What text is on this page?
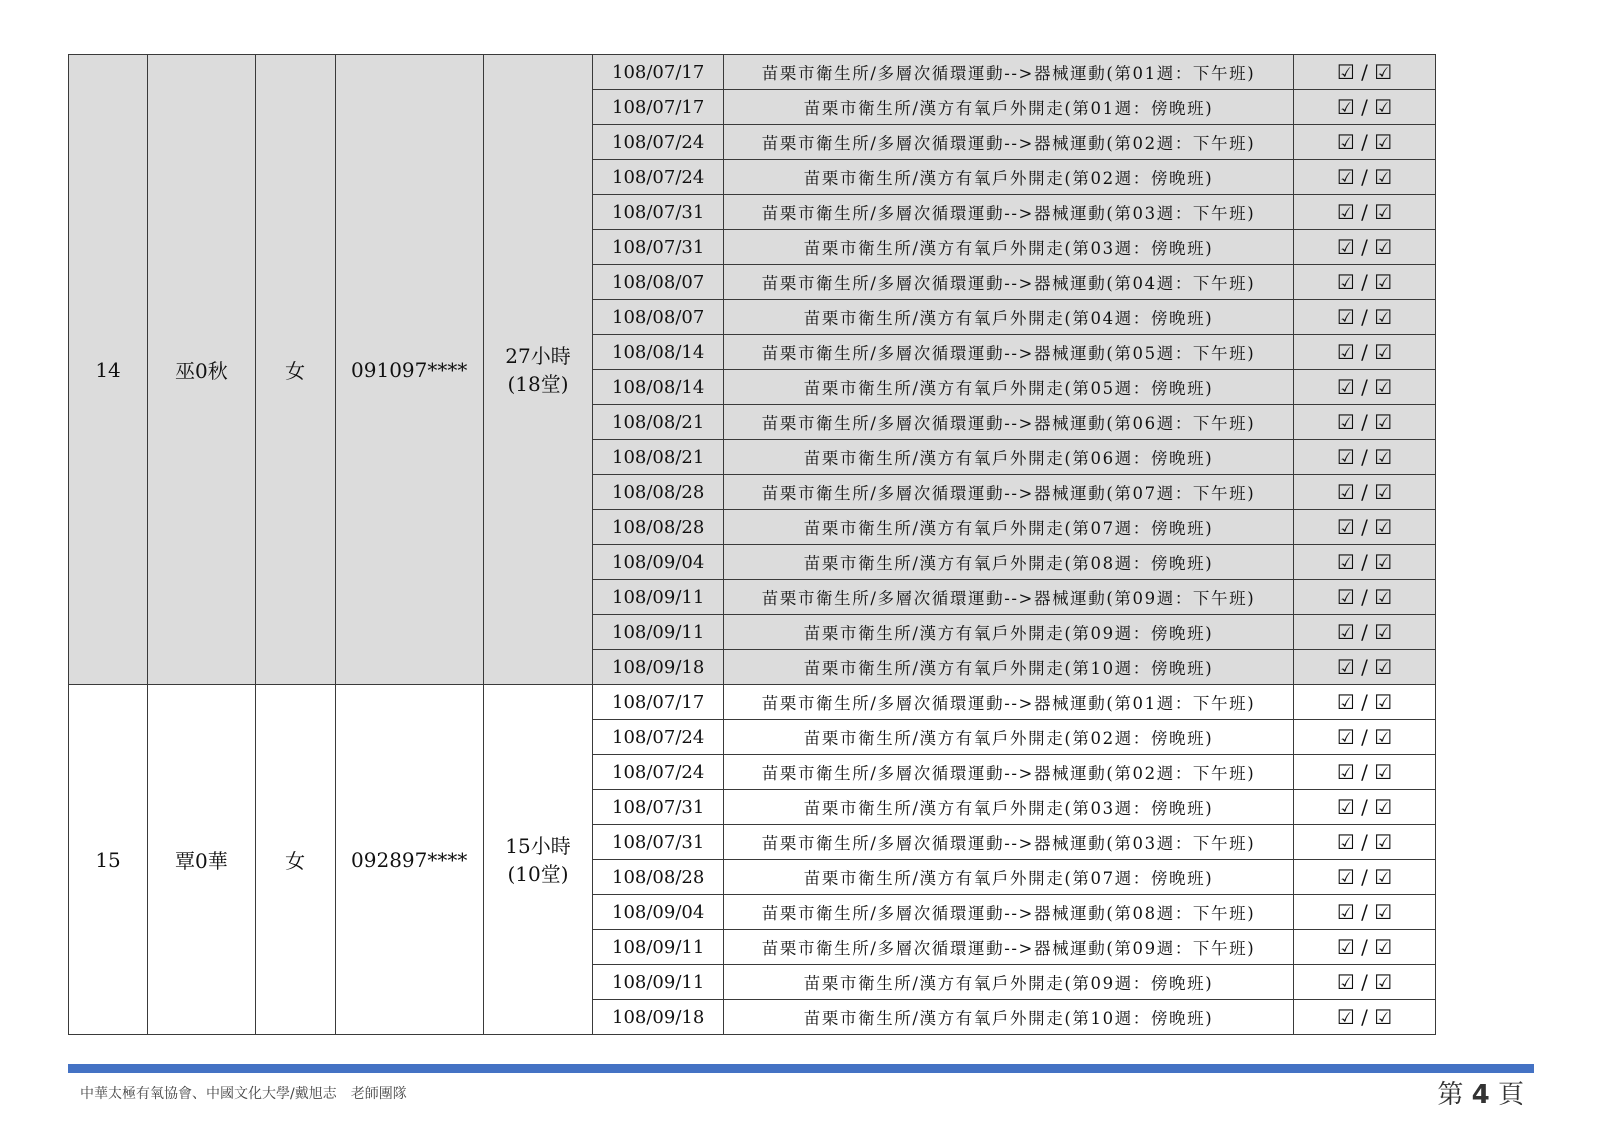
14	巫0秋	女	091097****	27小時
(18堂)	108/07/17	苗栗市衛生所/多層次循環運動-->器械運動(第01週：下午班)	☑ / ☑
					108/07/17	苗栗市衛生所/漢方有氧戶外開走(第01週：傍晚班)	☑ / ☑
					108/07/24	苗栗市衛生所/多層次循環運動-->器械運動(第02週：下午班)	☑ / ☑
					108/07/24	苗栗市衛生所/漢方有氧戶外開走(第02週：傍晚班)	☑ / ☑
					108/07/31	苗栗市衛生所/多層次循環運動-->器械運動(第03週：下午班)	☑ / ☑
					108/07/31	苗栗市衛生所/漢方有氧戶外開走(第03週：傍晚班)	☑ / ☑
					108/08/07	苗栗市衛生所/多層次循環運動-->器械運動(第04週：下午班)	☑ / ☑
					108/08/07	苗栗市衛生所/漢方有氧戶外開走(第04週：傍晚班)	☑ / ☑
					108/08/14	苗栗市衛生所/多層次循環運動-->器械運動(第05週：下午班)	☑ / ☑
					108/08/14	苗栗市衛生所/漢方有氧戶外開走(第05週：傍晚班)	☑ / ☑
					108/08/21	苗栗市衛生所/多層次循環運動-->器械運動(第06週：下午班)	☑ / ☑
					108/08/21	苗栗市衛生所/漢方有氧戶外開走(第06週：傍晚班)	☑ / ☑
					108/08/28	苗栗市衛生所/多層次循環運動-->器械運動(第07週：下午班)	☑ / ☑
					108/08/28	苗栗市衛生所/漢方有氧戶外開走(第07週：傍晚班)	☑ / ☑
					108/09/04	苗栗市衛生所/漢方有氧戶外開走(第08週：傍晚班)	☑ / ☑
					108/09/11	苗栗市衛生所/多層次循環運動-->器械運動(第09週：下午班)	☑ / ☑
					108/09/11	苗栗市衛生所/漢方有氧戶外開走(第09週：傍晚班)	☑ / ☑
					108/09/18	苗栗市衛生所/漢方有氧戶外開走(第10週：傍晚班)	☑ / ☑
15	覃0華	女	092897****	15小時
(10堂)	108/07/17	苗栗市衛生所/多層次循環運動-->器械運動(第01週：下午班)	☑ / ☑
					108/07/24	苗栗市衛生所/漢方有氧戶外開走(第02週：傍晚班)	☑ / ☑
					108/07/24	苗栗市衛生所/多層次循環運動-->器械運動(第02週：下午班)	☑ / ☑
					108/07/31	苗栗市衛生所/漢方有氧戶外開走(第03週：傍晚班)	☑ / ☑
					108/07/31	苗栗市衛生所/多層次循環運動-->器械運動(第03週：下午班)	☑ / ☑
					108/08/28	苗栗市衛生所/漢方有氧戶外開走(第07週：傍晚班)	☑ / ☑
					108/09/04	苗栗市衛生所/多層次循環運動-->器械運動(第08週：下午班)	☑ / ☑
					108/09/11	苗栗市衛生所/多層次循環運動-->器械運動(第09週：下午班)	☑ / ☑
					108/09/11	苗栗市衛生所/漢方有氧戶外開走(第09週：傍晚班)	☑ / ☑
					108/09/18	苗栗市衛生所/漢方有氧戶外開走(第10週：傍晚班)	☑ / ☑
中華太極有氧協會、中國文化大學/戴旭志　老師團隊	第 4 頁
